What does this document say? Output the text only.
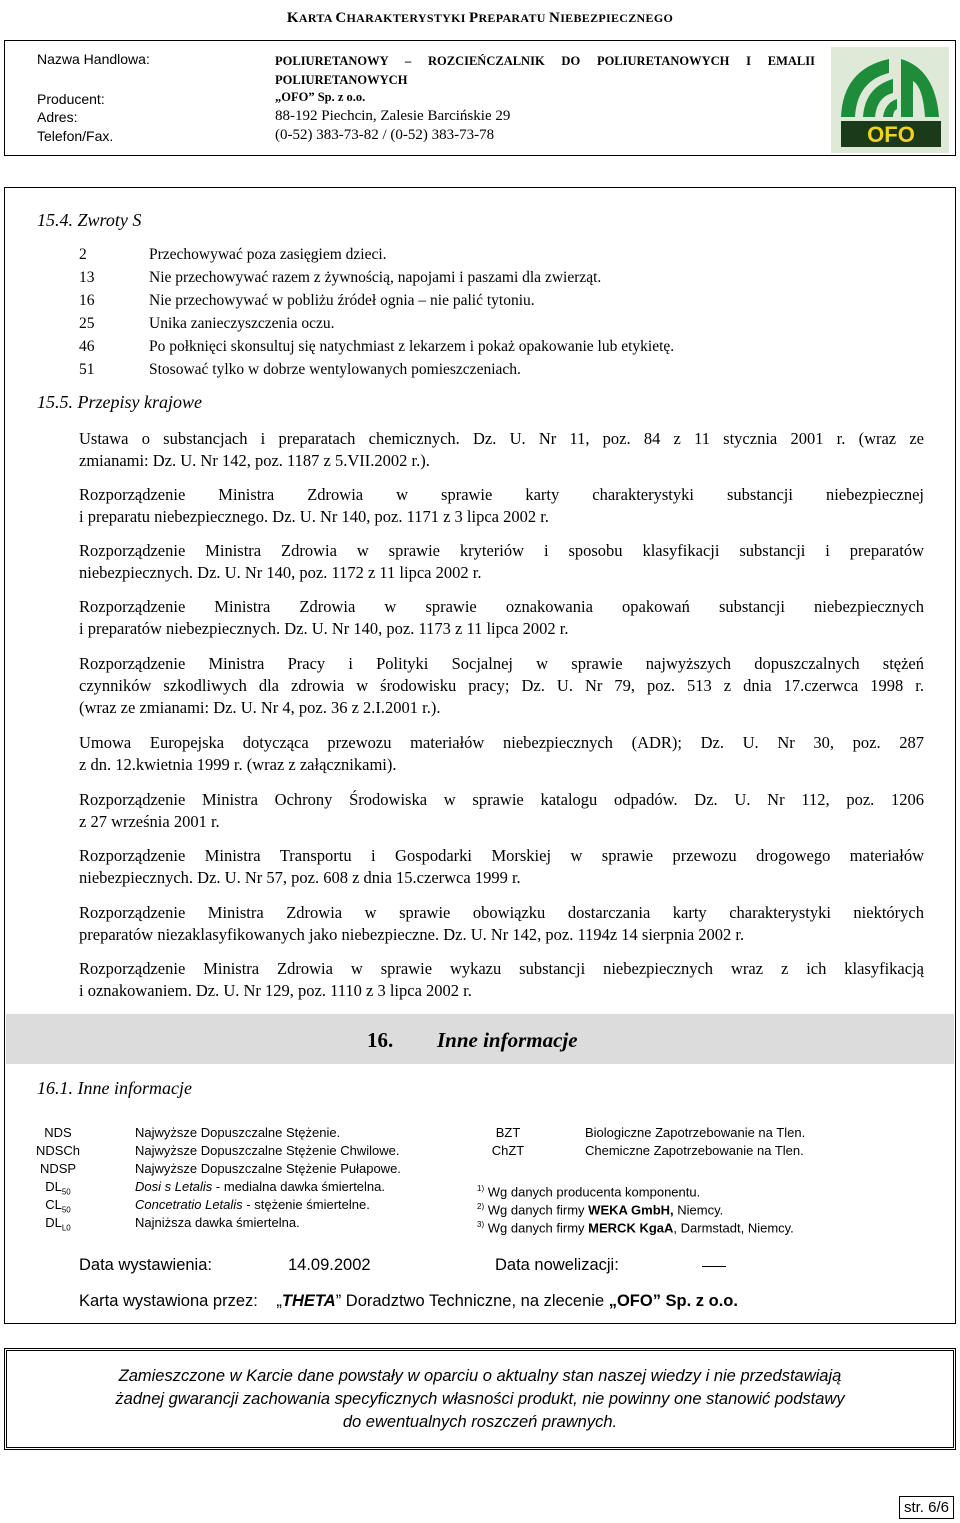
KARTA CHARAKTERYSTYKI PREPARATU NIEBEZPIECZNEGO
Nazwa Handlowa:	POLIURETANOWY – ROZCIEŃCZALNIK DO POLIURETANOWYCH I EMALII
POLIURETANOWYCH
Producent:	„OFO” Sp. z o.o.
Adres:	88-192 Piechcin, Zalesie Barcińskie 29
Telefon/Fax.	(0-52) 383-73-82 / (0-52) 383-73-78	OFO
15.4. Zwroty S
2	Przechowywać poza zasięgiem dzieci.
13	Nie przechowywać razem z żywnością, napojami i paszami dla zwierząt.
16	Nie przechowywać w pobliżu źródeł ognia – nie palić tytoniu.
25	Unika zanieczyszczenia oczu.
46	Po połknięci skonsultuj się natychmiast z lekarzem i pokaż opakowanie lub etykietę.
51	Stosować tylko w dobrze wentylowanych pomieszczeniach.
15.5. Przepisy krajowe
Ustawa o substancjach i preparatach chemicznych. Dz. U. Nr 11, poz. 84 z 11 stycznia 2001 r. (wraz ze
zmianami: Dz. U. Nr 142, poz. 1187 z 5.VII.2002 r.).
Rozporządzenie Ministra Zdrowia w sprawie karty charakterystyki substancji niebezpiecznej
i preparatu niebezpiecznego. Dz. U. Nr 140, poz. 1171 z 3 lipca 2002 r.
Rozporządzenie Ministra Zdrowia w sprawie kryteriów i sposobu klasyfikacji substancji i preparatów
niebezpiecznych. Dz. U. Nr 140, poz. 1172 z 11 lipca 2002 r.
Rozporządzenie Ministra Zdrowia w sprawie oznakowania opakowań substancji niebezpiecznych
i preparatów niebezpiecznych. Dz. U. Nr 140, poz. 1173 z 11 lipca 2002 r.
Rozporządzenie Ministra Pracy i Polityki Socjalnej w sprawie najwyższych dopuszczalnych stężeń
czynników szkodliwych dla zdrowia w środowisku pracy; Dz. U. Nr 79, poz. 513 z dnia 17.czerwca 1998 r.
(wraz ze zmianami: Dz. U. Nr 4, poz. 36 z 2.I.2001 r.).
Umowa Europejska dotycząca przewozu materiałów niebezpiecznych (ADR); Dz. U. Nr 30, poz. 287
z dn. 12.kwietnia 1999 r. (wraz z załącznikami).
Rozporządzenie Ministra Ochrony Środowiska w sprawie katalogu odpadów. Dz. U. Nr 112, poz. 1206
z 27 września 2001 r.
Rozporządzenie Ministra Transportu i Gospodarki Morskiej w sprawie przewozu drogowego materiałów
niebezpiecznych. Dz. U. Nr 57, poz. 608 z dnia 15.czerwca 1999 r.
Rozporządzenie Ministra Zdrowia w sprawie obowiązku dostarczania karty charakterystyki niektórych
preparatów niezaklasyfikowanych jako niebezpieczne. Dz. U. Nr 142, poz. 1194z 14 sierpnia 2002 r.
Rozporządzenie Ministra Zdrowia w sprawie wykazu substancji niebezpiecznych wraz z ich klasyfikacją
i oznakowaniem. Dz. U. Nr 129, poz. 1110 z 3 lipca 2002 r.
16. Inne informacje
16.1. Inne informacje
NDS	Najwyższe Dopuszczalne Stężenie.
NDSCh	Najwyższe Dopuszczalne Stężenie Chwilowe.
NDSP	Najwyższe Dopuszczalne Stężenie Pułapowe.
$DL_{50}$	Dosi s Letalis - medialna dawka śmiertelna.
$CL_{50}$	Concetratio Letalis - stężenie śmiertelne.
$DL_{L0}$	Najniższa dawka śmiertelna.
BZT	Biologiczne Zapotrzebowanie na Tlen.
ChZT	Chemiczne Zapotrzebowanie na Tlen.
$^{1)}$ Wg danych producenta komponentu.
$^{2)}$ Wg danych firmy WEKA GmbH, Niemcy.
$^{3)}$ Wg danych firmy MERCK KgaA, Darmstadt, Niemcy.
Data wystawienia:	14.09.2002	Data nowelizacji:
Karta wystawiona przez: „THETA” Doradztwo Techniczne, na zlecenie „OFO” Sp. z o.o.
Zamieszczone w Karcie dane powstały w oparciu o aktualny stan naszej wiedzy i nie przedstawiają
żadnej gwarancji zachowania specyficznych własności produkt, nie powinny one stanowić podstawy
do ewentualnych roszczeń prawnych.
str. 6/6
